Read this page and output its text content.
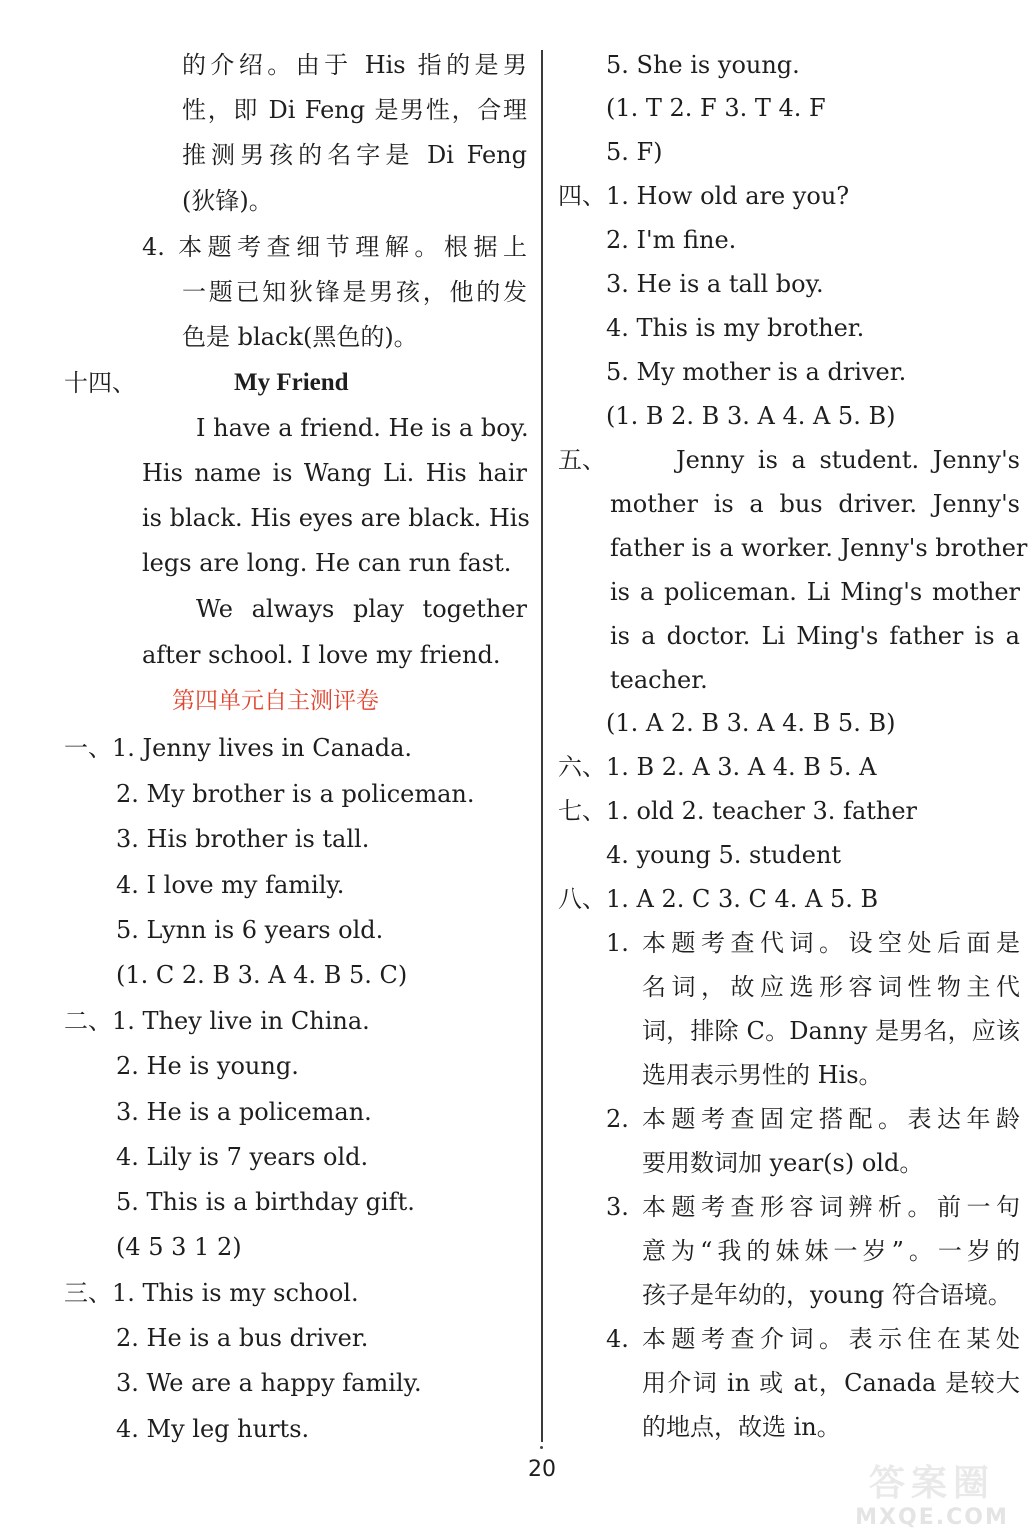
的介绍。由于 His 指的是男
性，即 Di Feng 是男性，合理
推测男孩的名字是 Di Feng
(狄锋)。
4. 本题考查细节理解。根据上
一题已知狄锋是男孩，他的发
色是 black(黑色的)。
十四、	My Friend
I have a friend. He is a boy.
His name is Wang Li. His hair
is black. His eyes are black. His
legs are long. He can run fast.
We always play together
after school. I love my friend.
第四单元自主测评卷
一、1. Jenny lives in Canada.
2. My brother is a policeman.
3. His brother is tall.
4. I love my family.
5. Lynn is 6 years old.
(1. C 2. B 3. A 4. B 5. C)
二、1. They live in China.
2. He is young.
3. He is a policeman.
4. Lily is 7 years old.
5. This is a birthday gift.
(4 5 3 1 2)
三、1. This is my school.
2. He is a bus driver.
3. We are a happy family.
4. My leg hurts.
5. She is young.
(1. T 2. F 3. T 4. F
5. F)
四、1. How old are you?
2. I'm fine.
3. He is a tall boy.
4. This is my brother.
5. My mother is a driver.
(1. B 2. B 3. A 4. A 5. B)
五、	Jenny is a student. Jenny's
mother is a bus driver. Jenny's
father is a worker. Jenny's brother
is a policeman. Li Ming's mother
is a doctor. Li Ming's father is a
teacher.
(1. A 2. B 3. A 4. B 5. B)
六、1. B 2. A 3. A 4. B 5. A
七、1. old 2. teacher 3. father
4. young 5. student
八、1. A 2. C 3. C 4. A 5. B
1. 本题考查代词。设空处后面是
名词，故应选形容词性物主代
词，排除 C。Danny 是男名，应该
选用表示男性的 His。
2. 本题考查固定搭配。表达年龄
要用数词加 year(s) old。
3. 本题考查形容词辨析。前一句
意为“我的妹妹一岁”。一岁的
孩子是年幼的，young 符合语境。
4. 本题考查介词。表示住在某处
用介词 in 或 at，Canada 是较大
的地点，故选 in。
20	答案圈
MXQE.COM
